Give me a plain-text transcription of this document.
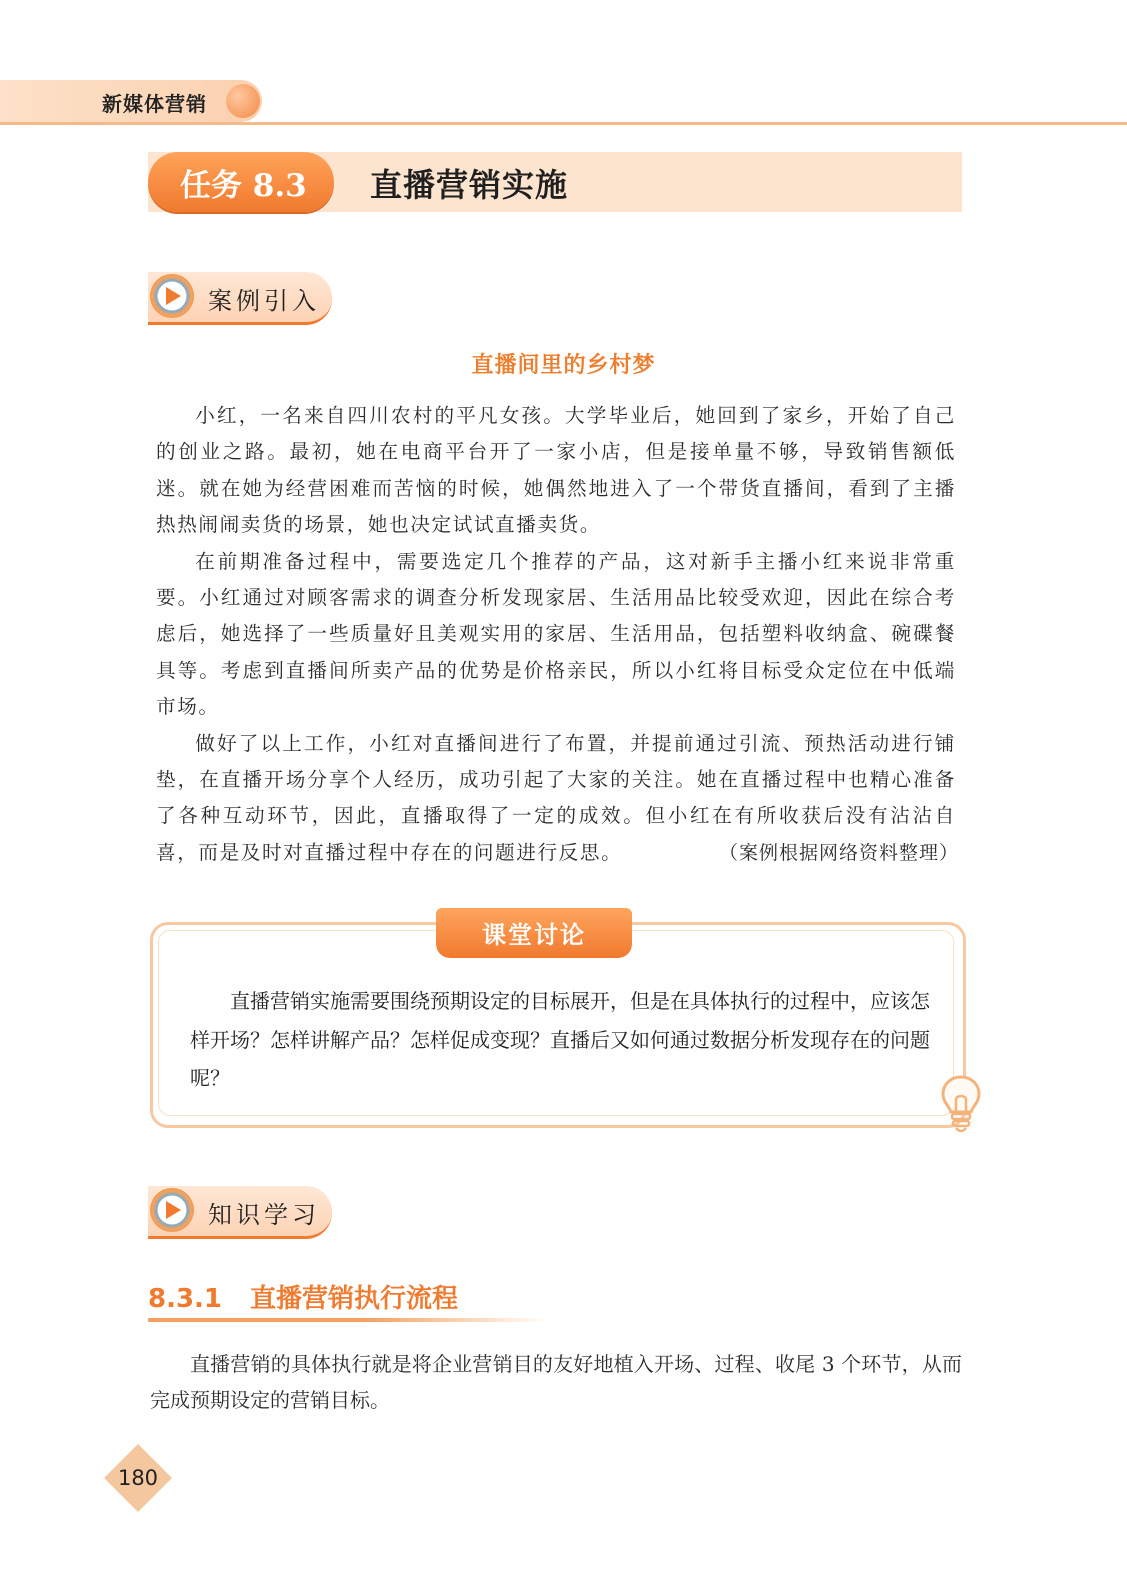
新媒体营销
任务 8.3 直播营销实施
案例引入
直播间里的乡村梦

小红，一名来自四川农村的平凡女孩。大学毕业后，她回到了家乡，开始了自己的创业之路。最初，她在电商平台开了一家小店，但是接单量不够，导致销售额低迷。就在她为经营困难而苦恼的时候，她偶然地进入了一个带货直播间，看到了主播热热闹闹卖货的场景，她也决定试试直播卖货。

在前期准备过程中，需要选定几个推荐的产品，这对新手主播小红来说非常重要。小红通过对顾客需求的调查分析发现家居、生活用品比较受欢迎，因此在综合考虑后，她选择了一些质量好且美观实用的家居、生活用品，包括塑料收纳盒、碗碟餐具等。考虑到直播间所卖产品的优势是价格亲民，所以小红将目标受众定位在中低端市场。

做好了以上工作，小红对直播间进行了布置，并提前通过引流、预热活动进行铺垫，在直播开场分享个人经历，成功引起了大家的关注。她在直播过程中也精心准备了各种互动环节，因此，直播取得了一定的成效。但小红在有所收获后没有沾沾自喜，而是及时对直播过程中存在的问题进行反思。	（案例根据网络资料整理）
课堂讨论

直播营销实施需要围绕预期设定的目标展开，但是在具体执行的过程中，应该怎样开场？怎样讲解产品？怎样促成变现？直播后又如何通过数据分析发现存在的问题呢？

知识学习
8.3.1 直播营销执行流程

直播营销的具体执行就是将企业营销目的友好地植入开场、过程、收尾 3 个环节，从而完成预期设定的营销目标。

180
